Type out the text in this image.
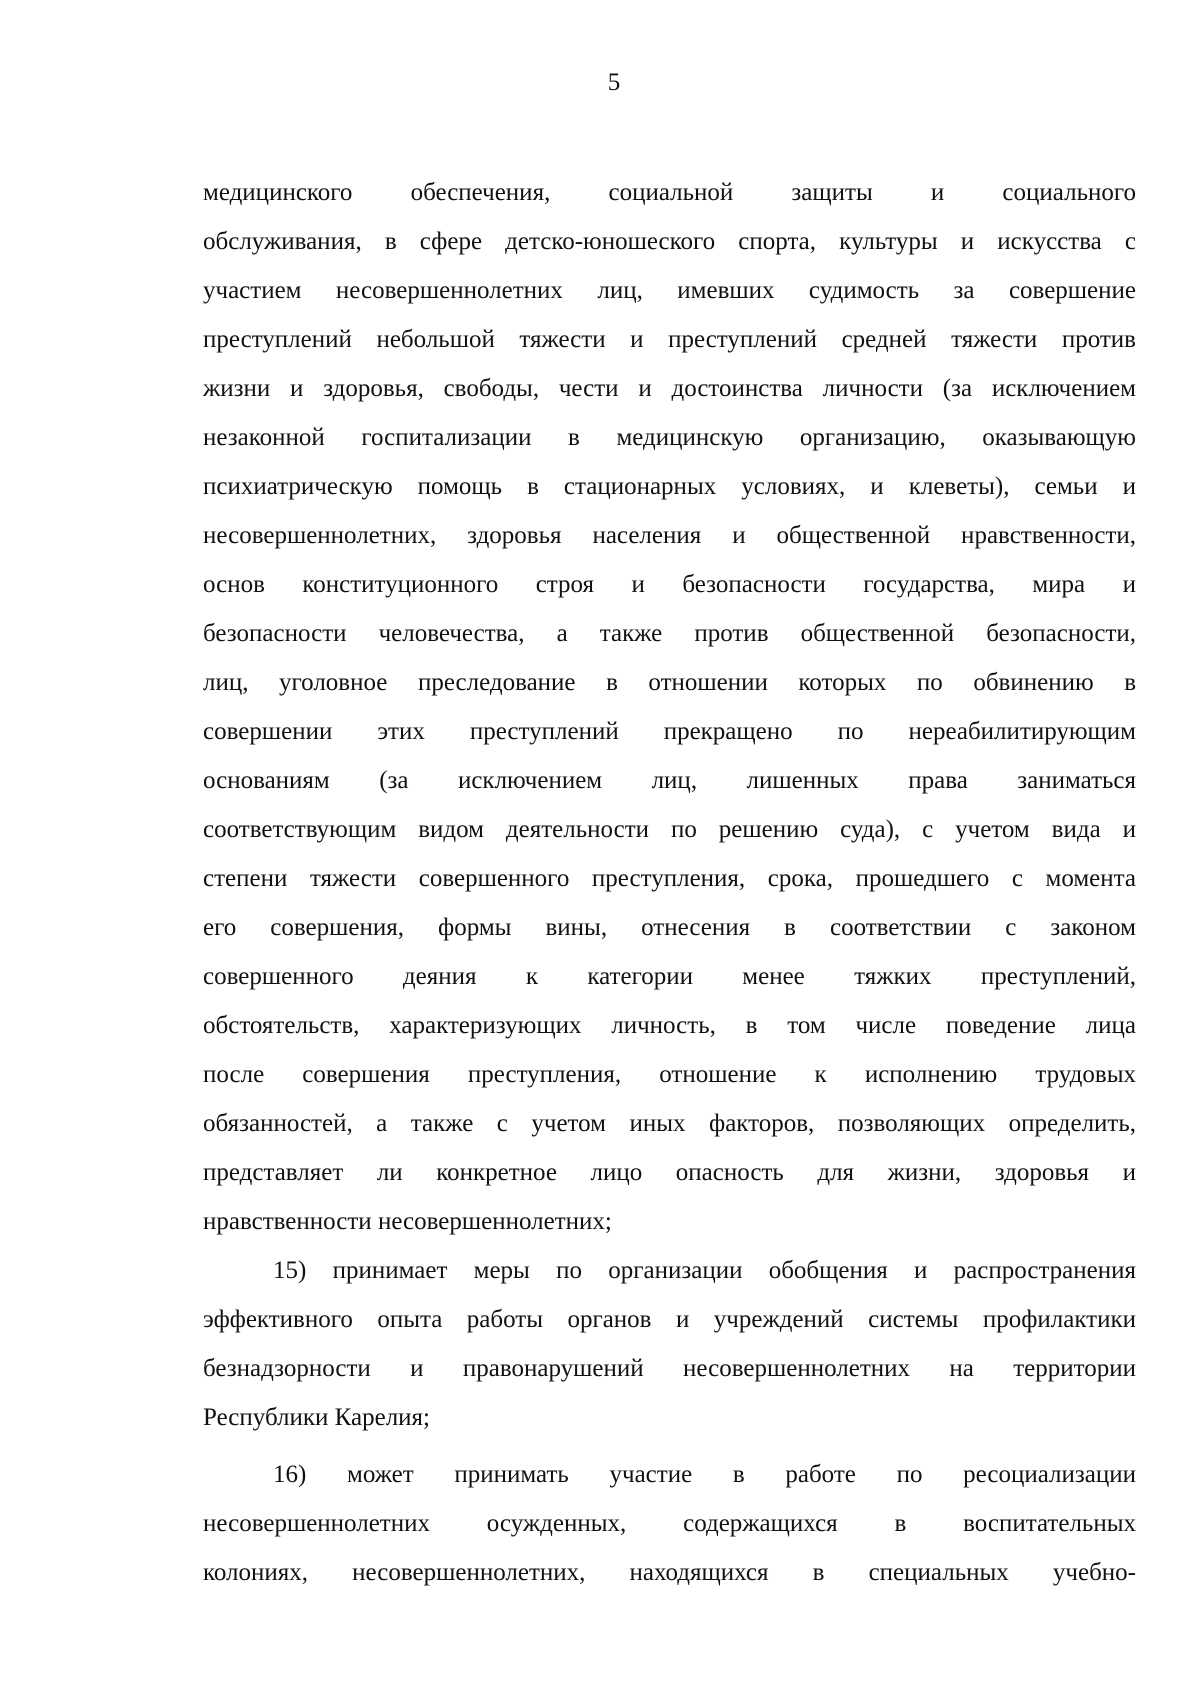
5
медицинского обеспечения, социальной защиты и социального
обслуживания, в сфере детско-юношеского спорта, культуры и искусства с
участием несовершеннолетних лиц, имевших судимость за совершение
преступлений небольшой тяжести и преступлений средней тяжести против
жизни и здоровья, свободы, чести и достоинства личности (за исключением
незаконной госпитализации в медицинскую организацию, оказывающую
психиатрическую помощь в стационарных условиях, и клеветы), семьи и
несовершеннолетних, здоровья населения и общественной нравственности,
основ конституционного строя и безопасности государства, мира и
безопасности человечества, а также против общественной безопасности,
лиц, уголовное преследование в отношении которых по обвинению в
совершении этих преступлений прекращено по нереабилитирующим
основаниям (за исключением лиц, лишенных права заниматься
соответствующим видом деятельности по решению суда), с учетом вида и
степени тяжести совершенного преступления, срока, прошедшего с момента
его совершения, формы вины, отнесения в соответствии с законом
совершенного деяния к категории менее тяжких преступлений,
обстоятельств, характеризующих личность, в том числе поведение лица
после совершения преступления, отношение к исполнению трудовых
обязанностей, а также с учетом иных факторов, позволяющих определить,
представляет ли конкретное лицо опасность для жизни, здоровья и
нравственности несовершеннолетних;
15) принимает меры по организации обобщения и распространения
эффективного опыта работы органов и учреждений системы профилактики
безнадзорности и правонарушений несовершеннолетних на территории
Республики Карелия;
16) может принимать участие в работе по ресоциализации
несовершеннолетних осужденных, содержащихся в воспитательных
колониях, несовершеннолетних, находящихся в специальных учебно-
